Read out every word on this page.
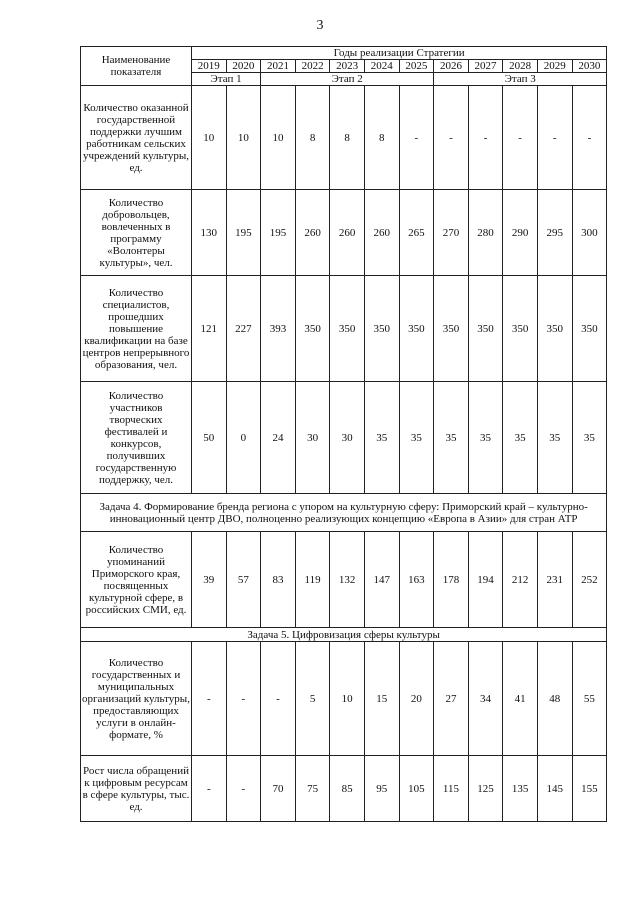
3
Наименование показателя	Годы реализации Стратегии											
	2019	2020	2021	2022	2023	2024	2025	2026	2027	2028	2029	2030
	Этап 1		Этап 2					Этап 3				
Количество оказанной государственной поддержки лучшим работникам сельских учреждений культуры, ед.	10	10	10	8	8	8	-	-	-	-	-	-
Количество добровольцев, вовлеченных в программу «Волонтеры культуры», чел.	130	195	195	260	260	260	265	270	280	290	295	300
Количество специалистов, прошедших повышение квалификации на базе центров непрерывного образования, чел.	121	227	393	350	350	350	350	350	350	350	350	350
Количество участников творческих фестивалей и конкурсов, получивших государственную поддержку, чел.	50	0	24	30	30	35	35	35	35	35	35	35
Задача 4. Формирование бренда региона с упором на культурную сферу: Приморский край – культурно-инновационный центр ДВО, полноценно реализующих концепцию «Европа в Азии» для стран АТР												
Количество упоминаний Приморского края, посвященных культурной сфере, в российских СМИ, ед.	39	57	83	119	132	147	163	178	194	212	231	252
Задача 5. Цифровизация сферы культуры												
Количество государственных и муниципальных организаций культуры, предоставляющих услуги в онлайн-формате, %	-	-	-	5	10	15	20	27	34	41	48	55
Рост числа обращений к цифровым ресурсам в сфере культуры, тыс. ед.	-	-	70	75	85	95	105	115	125	135	145	155
